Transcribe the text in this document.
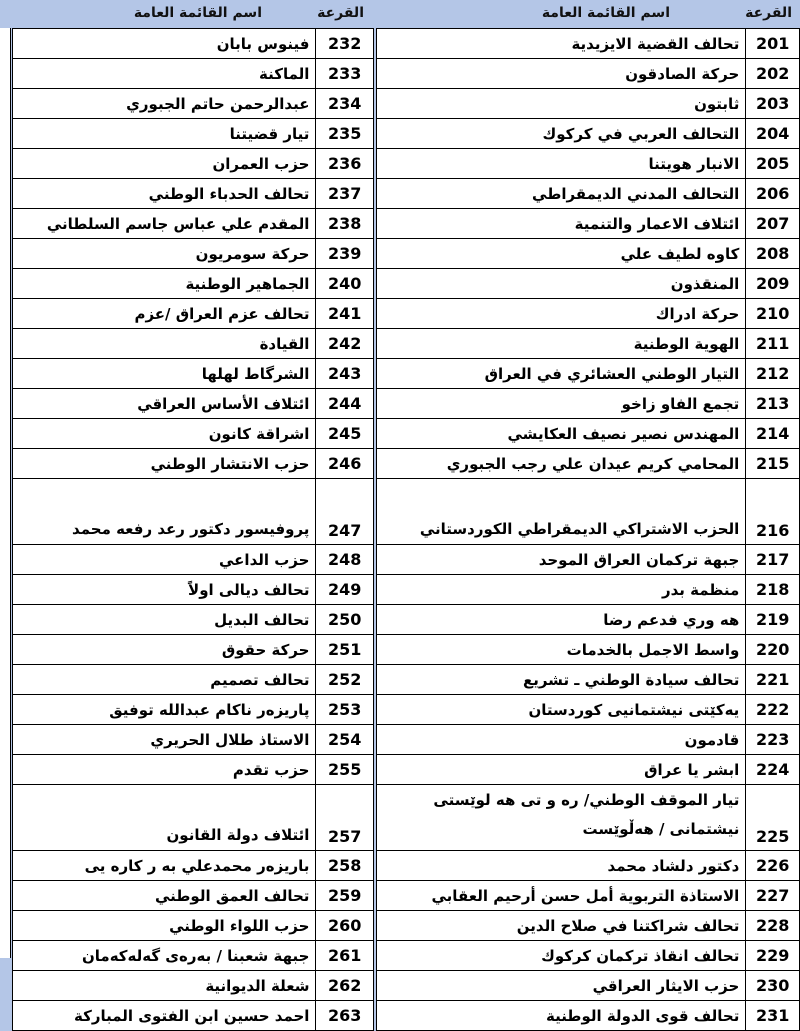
القرعة
اسم القائمة العامة
تحالف القضية الايزيدية	201
حركة الصادقون	202
ثابتون	203
التحالف العربي في كركوك	204
الانبار هويتنا	205
التحالف المدني الديمقراطي	206
ائتلاف الاعمار والتنمية	207
كاوه لطيف علي	208
المنقذون	209
حركة ادراك	210
الهوية الوطنية	211
التيار الوطني العشائري في العراق	212
تجمع الفاو زاخو	213
المهندس نصير نصيف العكايشي	214
المحامي كريم عيدان علي رجب الجبوري	215
الحزب الاشتراكي الديمقراطي الكوردستاني	216
جبهة تركمان العراق الموحد	217
منظمة بدر	218
هه وري فدعم رضا	219
واسط الاجمل بالخدمات	220
تحالف سيادة الوطني ـ تشريع	221
يەكێتی نیشتمانیی كوردستان	222
قادمون	223
ابشر يا عراق	224
تيار الموقف الوطني/ ره و تی هه لوێستی نیشتمانی / هەڵوێست	225
دكتور دلشاد محمد	226
الاستاذة التربوية أمل حسن أرحيم العقابي	227
تحالف شراكتنا في صلاح الدين	228
تحالف انقاذ تركمان كركوك	229
حزب الايثار العراقي	230
تحالف قوى الدولة الوطنية	231
القرعة
اسم القائمة العامة
فينوس بابان	232
الماكنة	233
عبدالرحمن حاتم الجبوري	234
تيار قضيتنا	235
حزب العمران	236
تحالف الحدباء الوطني	237
المقدم علي عباس جاسم السلطاني	238
حركة سومريون	239
الجماهير الوطنية	240
تحالف عزم العراق /عزم	241
القيادة	242
الشرگاط لهلها	243
ائتلاف الأساس العراقي	244
اشراقة كانون	245
حزب الانتشار الوطني	246
پروفيسور دكتور رعد رفعه محمد	247
حزب الداعي	248
تحالف ديالى اولاً	249
تحالف البديل	250
حركة حقوق	251
تحالف تصميم	252
پاريزەر ناكام عبدالله توفيق	253
الاستاذ طلال الحريري	254
حزب تقدم	255
ائتلاف دولة القانون	257
باريزەر محمدعلي به ر كاره يی	258
تحالف العمق الوطني	259
حزب اللواء الوطني	260
جبهة شعبنا / بەرەی گەلەکەمان	261
شعلة الديوانية	262
احمد حسين ابن الفتوى المباركة	263
